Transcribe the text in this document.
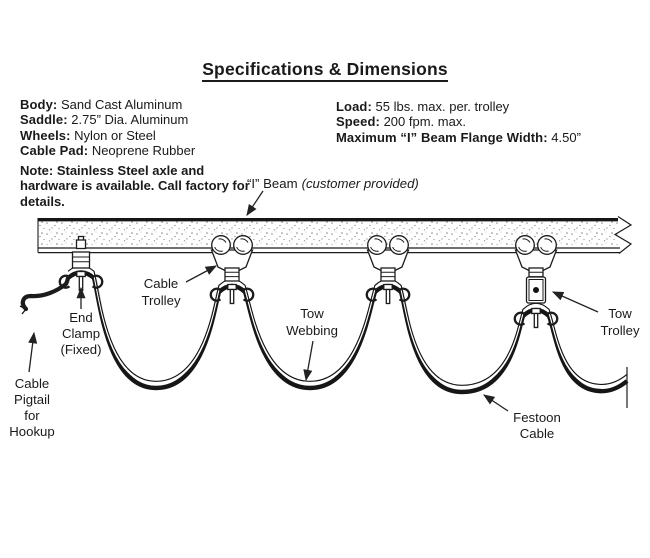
Specifications & Dimensions
Body: Sand Cast Aluminum
Saddle: 2.75” Dia. Aluminum
Wheels: Nylon or Steel
Cable Pad: Neoprene Rubber
Load: 55 lbs. max. per. trolley
Speed: 200 fpm. max.
Maximum “I” Beam Flange Width: 4.50”
Note: Stainless Steel axle and hardware is available. Call factory for details.
“I” Beam (customer provided)
Cable Trolley
End Clamp (Fixed)
Cable Pigtail for Hookup
Tow Webbing
Tow Trolley
Festoon Cable
